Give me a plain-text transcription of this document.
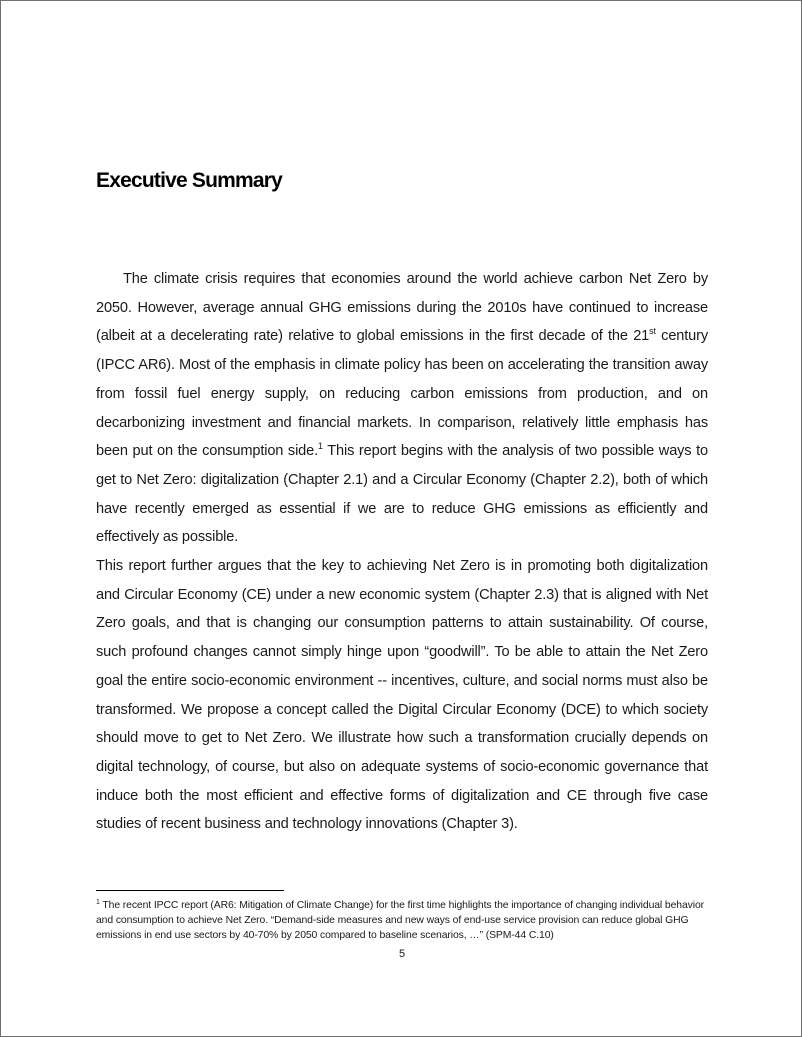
Executive Summary

The climate crisis requires that economies around the world achieve carbon Net Zero by 2050. However, average annual GHG emissions during the 2010s have continued to increase (albeit at a decelerating rate) relative to global emissions in the first decade of the 21st century (IPCC AR6). Most of the emphasis in climate policy has been on accelerating the transition away from fossil fuel energy supply, on reducing carbon emissions from production, and on decarbonizing investment and financial markets. In comparison, relatively little emphasis has been put on the consumption side.$^1$ This report begins with the analysis of two possible ways to get to Net Zero: digitalization (Chapter 2.1) and a Circular Economy (Chapter 2.2), both of which have recently emerged as essential if we are to reduce GHG emissions as efficiently and effectively as possible.

This report further argues that the key to achieving Net Zero is in promoting both digitalization and Circular Economy (CE) under a new economic system (Chapter 2.3) that is aligned with Net Zero goals, and that is changing our consumption patterns to attain sustainability. Of course, such profound changes cannot simply hinge upon “goodwill”. To be able to attain the Net Zero goal the entire socio-economic environment -- incentives, culture, and social norms must also be transformed. We propose a concept called the Digital Circular Economy (DCE) to which society should move to get to Net Zero. We illustrate how such a transformation crucially depends on digital technology, of course, but also on adequate systems of socio-economic governance that induce both the most efficient and effective forms of digitalization and CE through five case studies of recent business and technology innovations (Chapter 3).

$^1$ The recent IPCC report (AR6: Mitigation of Climate Change) for the first time highlights the importance of changing individual behavior and consumption to achieve Net Zero. “Demand-side measures and new ways of end-use service provision can reduce global GHG emissions in end use sectors by 40-70% by 2050 compared to baseline scenarios, …” (SPM-44 C.10)

5
